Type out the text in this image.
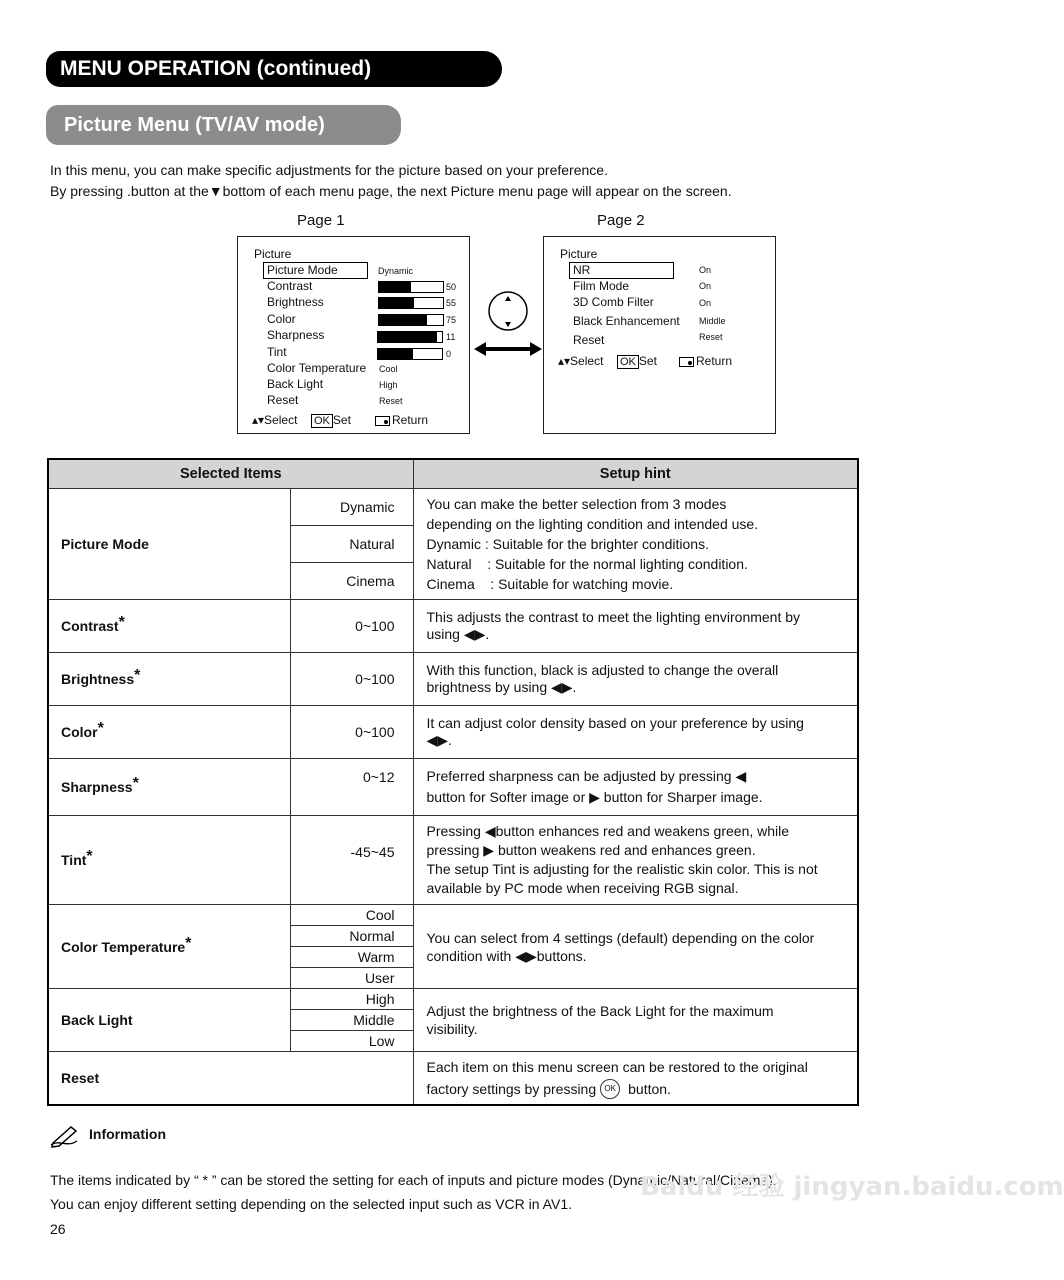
MENU OPERATION (continued)
Picture Menu (TV/AV mode)
In this menu, you can make specific adjustments for the picture based on your preference.
By pressing .button at the▼bottom of each menu page, the next Picture menu page will appear on the screen.
Page 1	Page 2
Picture
Picture Mode	Dynamic
Contrast	50
Brightness	55
Color	75
Sharpness	11
Tint	0
Color Temperature Cool
Back Light	High
Reset	Reset
▴▾Select OK Set	Return
Picture
NR	On
Film Mode	On
3D Comb Filter	On
Black Enhancement Middle
Reset	Reset
▴▾Select OK Set	Return
Selected Items		Setup hint
Picture Mode	Dynamic	You can make the better selection from 3 modes
depending on the lighting condition and intended use.
Dynamic : Suitable for the brighter conditions.
Natural    : Suitable for the normal lighting condition.
Cinema    : Suitable for watching movie.

	Natural	
	Cinema	
Contrast*	0~100	This adjusts the contrast to meet the lighting environment by
using ◀▶.

Brightness*	0~100	With this function, black is adjusted to change the overall
brightness by using ◀▶.

Color*	0~100	It can adjust color density based on your preference by using
◀▶.

Sharpness*	0~12	Preferred sharpness can be adjusted by pressing ◀
button for Softer image or ▶ button for Sharper image.

Tint*	-45~45	Pressing ◀button enhances red and weakens green, while
pressing ▶ button weakens red and enhances green.
The setup Tint is adjusting for the realistic skin color. This is not
available by PC mode when receiving RGB signal.

Color Temperature*	Cool	You can select from 4 settings (default) depending on the color
condition with ◀▶buttons.

	Normal	
	Warm	
	User	
Back Light	High	Adjust the brightness of the Back Light for the maximum
visibility.

	Middle	
	Low	
Reset		Each item on this menu screen can be restored to the original
factory settings by pressing OK button.
Information
The items indicated by “ * ” can be stored the setting for each of inputs and picture modes (Dynamic/Natural/Cinema).
You can enjoy different setting depending on the selected input such as VCR in AV1.
26
Baidu 经验 jingyan.baidu.com
